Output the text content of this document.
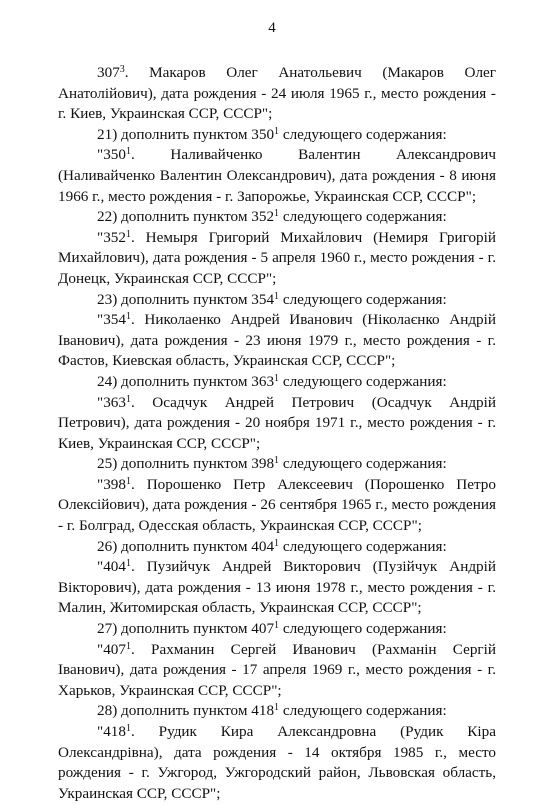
4

$307^3$. Макаров Олег Анатольевич (Макаров Олег Анатолійович), дата рождения - 24 июля 1965 г., место рождения - г. Киев, Украинская ССР, СССР";

21) дополнить пунктом $350^1$ следующего содержания:

"$350^1$. Наливайченко Валентин Александрович (Наливайченко Валентин Олександрович), дата рождения - 8 июня 1966 г., место рождения - г. Запорожье, Украинская ССР, СССР";

22) дополнить пунктом $352^1$ следующего содержания:

"$352^1$. Немыря Григорий Михайлович (Немиря Григорій Михайлович), дата рождения - 5 апреля 1960 г., место рождения - г. Донецк, Украинская ССР, СССР";

23) дополнить пунктом $354^1$ следующего содержания:

"$354^1$. Николаенко Андрей Иванович (Ніколаєнко Андрій Іванович), дата рождения - 23 июня 1979 г., место рождения - г. Фастов, Киевская область, Украинская ССР, СССР";

24) дополнить пунктом $363^1$ следующего содержания:

"$363^1$. Осадчук Андрей Петрович (Осадчук Андрій Петрович), дата рождения - 20 ноября 1971 г., место рождения - г. Киев, Украинская ССР, СССР";

25) дополнить пунктом $398^1$ следующего содержания:

"$398^1$. Порошенко Петр Алексеевич (Порошенко Петро Олексійович), дата рождения - 26 сентября 1965 г., место рождения - г. Болград, Одесская область, Украинская ССР, СССР";

26) дополнить пунктом $404^1$ следующего содержания:

"$404^1$. Пузийчук Андрей Викторович (Пузійчук Андрій Вікторович), дата рождения - 13 июня 1978 г., место рождения - г. Малин, Житомирская область, Украинская ССР, СССР";

27) дополнить пунктом $407^1$ следующего содержания:

"$407^1$. Рахманин Сергей Иванович (Рахманін Сергій Іванович), дата рождения - 17 апреля 1969 г., место рождения - г. Харьков, Украинская ССР, СССР";

28) дополнить пунктом $418^1$ следующего содержания:

"$418^1$. Рудик Кира Александровна (Рудик Кіра Олександрівна), дата рождения - 14 октября 1985 г., место рождения - г. Ужгород, Ужгородский район, Львовская область, Украинская ССР, СССР";
